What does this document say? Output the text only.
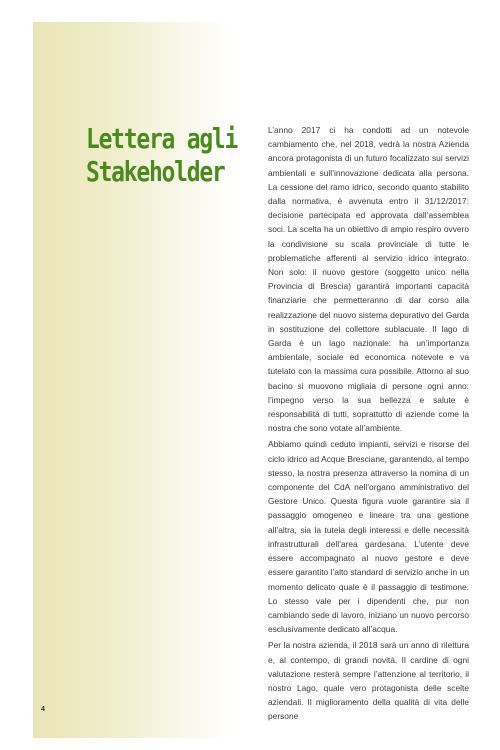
Lettera agli
Stakeholder

L’anno 2017 ci ha condotti ad un notevole cambiamento che, nel 2018, vedrà la nostra Azienda ancora protagonista di un futuro focalizzato sui servizi ambientali e sull’innovazione dedicata alla persona. La cessione del ramo idrico, secondo quanto stabilito dalla normativa, è avvenuta entro il 31/12/2017: decisione partecipata ed approvata dall’assemblea soci. La scelta ha un obiettivo di ampio respiro ovvero la condivisione su scala provinciale di tutte le problematiche afferenti al servizio idrico integrato. Non solo: il nuovo gestore (soggetto unico nella Provincia di Brescia) garantirà importanti capacità finanziarie che permetteranno di dar corso alla realizzazione del nuovo sistema depurativo del Garda in sostituzione del collettore sublacuale. Il lago di Garda è un lago nazionale: ha un’importanza ambientale, sociale ed economica notevole e va tutelato con la massima cura possibile. Attorno al suo bacino si muovono migliaia di persone ogni anno: l’impegno verso la sua bellezza e salute è responsabilità di tutti, soprattutto di aziende come la nostra che sono votate all’ambiente.

Abbiamo quindi ceduto impianti, servizi e risorse del ciclo idrico ad Acque Bresciane, garantendo, al tempo stesso, la nostra presenza attraverso la nomina di un componente del CdA nell’organo amministrativo del Gestore Unico. Questa figura vuole garantire sia il passaggio omogeneo e lineare tra una gestione all’altra, sia la tutela degli interessi e delle necessità infrastrutturali dell’area gardesana. L’utente deve essere accompagnato al nuovo gestore e deve essere garantito l’alto standard di servizio anche in un momento delicato quale è il passaggio di testimone. Lo stesso vale per i dipendenti che, pur non cambiando sede di lavoro, iniziano un nuovo percorso esclusivamente dedicato all’acqua.

Per la nostra azienda, il 2018 sarà un anno di rilettura e, al contempo, di grandi novità. Il cardine di ogni valutazione resterà sempre l’attenzione al territorio, il nostro Lago, quale vero protagonista delle scelte aziendali. Il miglioramento della qualità di vita delle persone

4
